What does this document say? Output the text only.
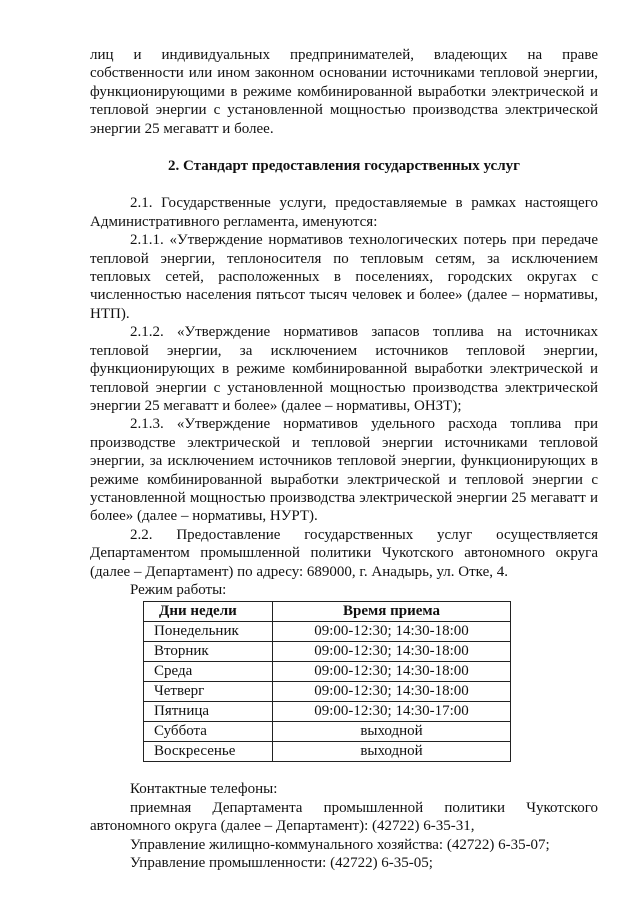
лиц и индивидуальных предпринимателей, владеющих на праве собственности или ином законном основании источниками тепловой энергии, функционирующими в режиме комбинированной выработки электрической и тепловой энергии с установленной мощностью производства электрической энергии 25 мегаватт и более.

2. Стандарт предоставления государственных услуг

2.1. Государственные услуги, предоставляемые в рамках настоящего Административного регламента, именуются:

2.1.1. «Утверждение нормативов технологических потерь при передаче тепловой энергии, теплоносителя по тепловым сетям, за исключением тепловых сетей, расположенных в поселениях, городских округах с численностью населения пятьсот тысяч человек и более» (далее – нормативы, НТП).

2.1.2. «Утверждение нормативов запасов топлива на источниках тепловой энергии, за исключением источников тепловой энергии, функционирующих в режиме комбинированной выработки электрической и тепловой энергии с установленной мощностью производства электрической энергии 25 мегаватт и более» (далее – нормативы, ОНЗТ);

2.1.3. «Утверждение нормативов удельного расхода топлива при производстве электрической и тепловой энергии источниками тепловой энергии, за исключением источников тепловой энергии, функционирующих в режиме комбинированной выработки электрической и тепловой энергии с установленной мощностью производства электрической энергии 25 мегаватт и более» (далее – нормативы, НУРТ).

2.2. Предоставление государственных услуг осуществляется Департаментом промышленной политики Чукотского автономного округа (далее – Департамент) по адресу: 689000, г. Анадырь, ул. Отке, 4.

Режим работы:

Дни недели	Время приема
Понедельник	09:00-12:30; 14:30-18:00
Вторник	09:00-12:30; 14:30-18:00
Среда	09:00-12:30; 14:30-18:00
Четверг	09:00-12:30; 14:30-18:00
Пятница	09:00-12:30; 14:30-17:00
Суббота	выходной
Воскресенье	выходной

Контактные телефоны:

приемная Департамента промышленной политики Чукотского автономного округа (далее – Департамент): (42722) 6-35-31,

Управление жилищно-коммунального хозяйства: (42722) 6-35-07;

Управление промышленности: (42722) 6-35-05;
